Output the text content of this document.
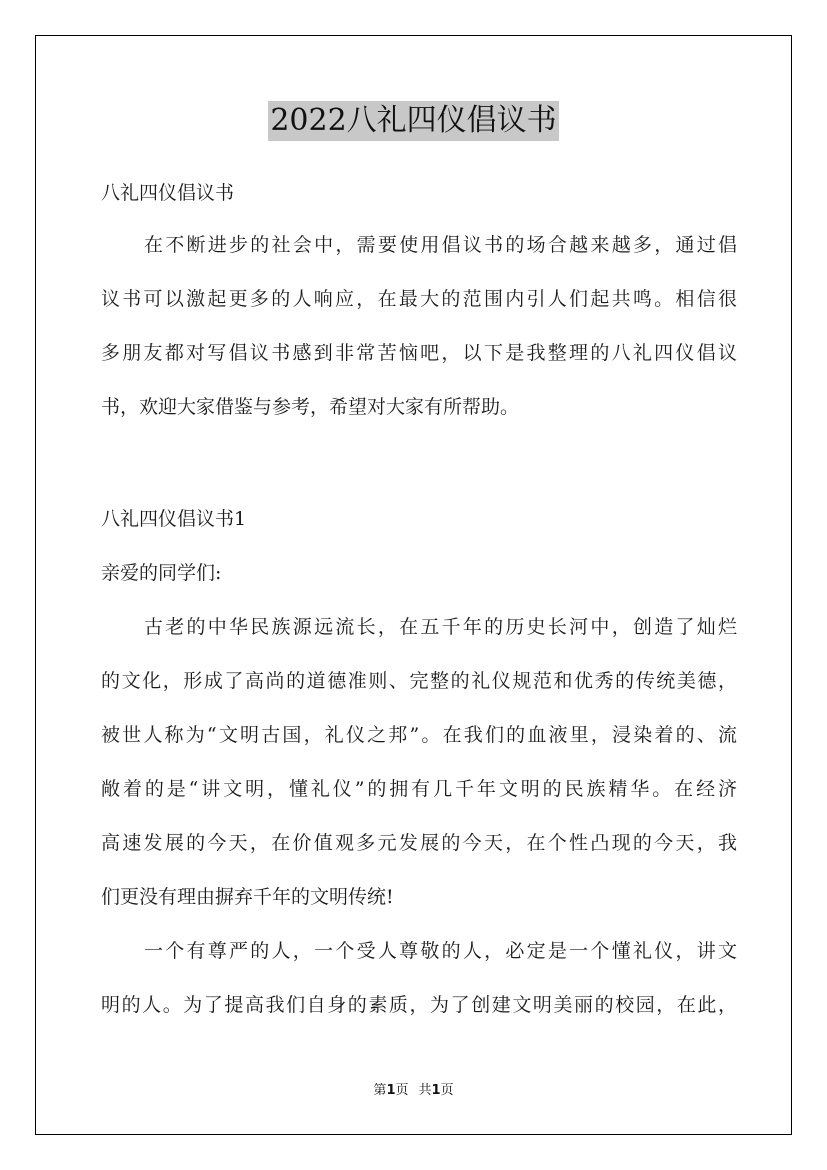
2022八礼四仪倡议书
八礼四仪倡议书
在不断进步的社会中，需要使用倡议书的场合越来越多，通过倡
议书可以激起更多的人响应，在最大的范围内引人们起共鸣。相信很
多朋友都对写倡议书感到非常苦恼吧，以下是我整理的八礼四仪倡议
书，欢迎大家借鉴与参考，希望对大家有所帮助。
八礼四仪倡议书1
亲爱的同学们:
古老的中华民族源远流长，在五千年的历史长河中，创造了灿烂
的文化，形成了高尚的道德准则、完整的礼仪规范和优秀的传统美德，
被世人称为“文明古国，礼仪之邦”。在我们的血液里，浸染着的、流
敞着的是“讲文明，懂礼仪”的拥有几千年文明的民族精华。在经济
高速发展的今天，在价值观多元发展的今天，在个性凸现的今天，我
们更没有理由摒弃千年的文明传统!
一个有尊严的人，一个受人尊敬的人，必定是一个懂礼仪，讲文
明的人。为了提高我们自身的素质，为了创建文明美丽的校园，在此，
第1页 共1页
